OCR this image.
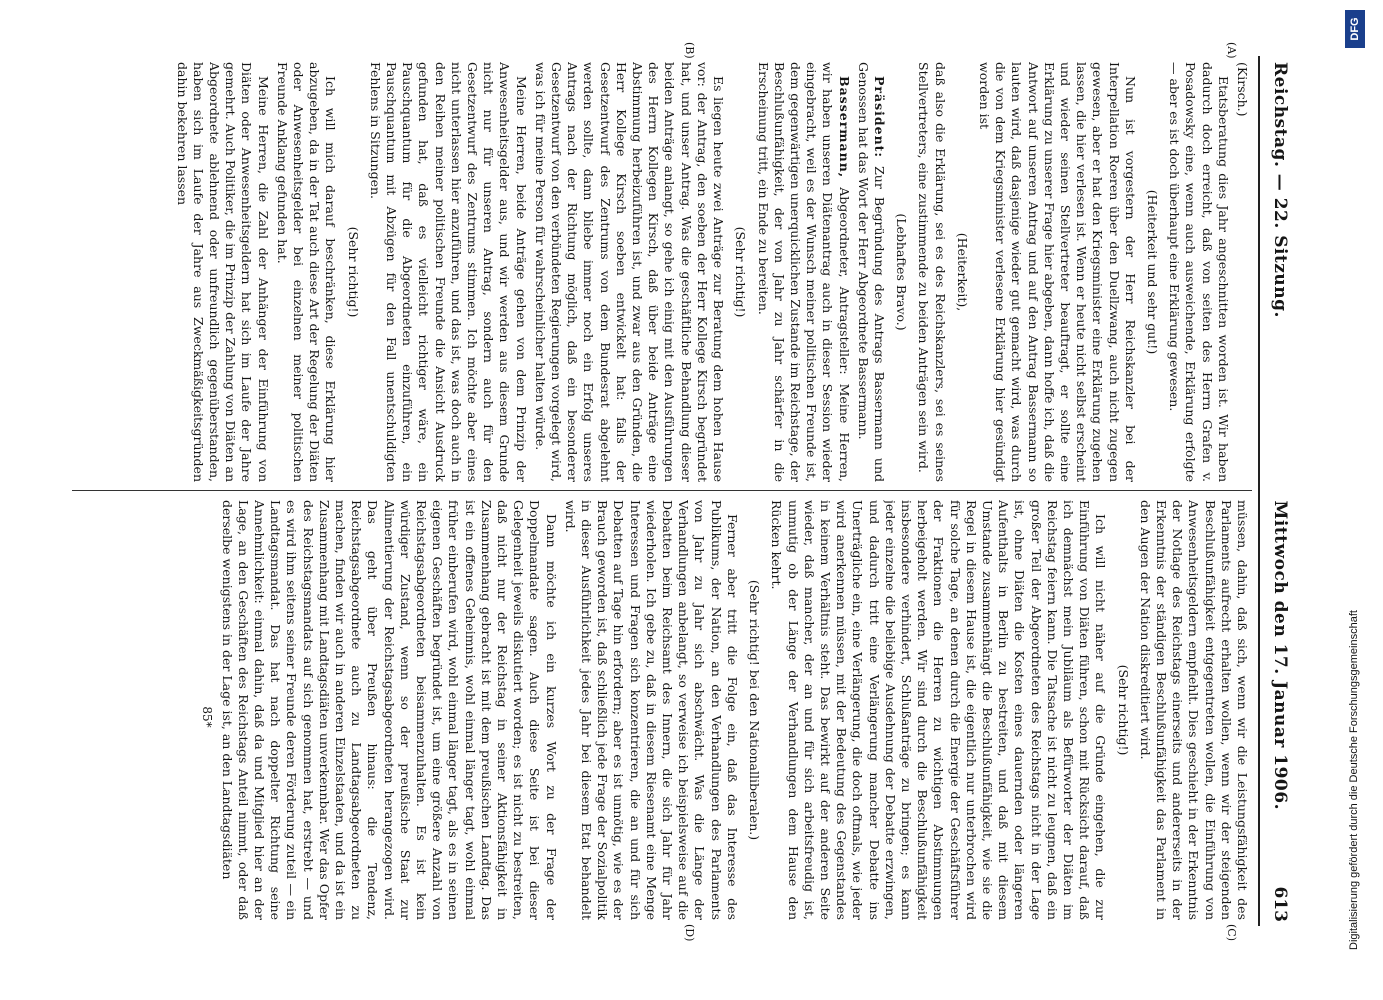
Reichstag. — 22. Sitzung.
Mittwoch den 17. Januar 1906.
613
(A)
(B)
(C)
(D)

(Kirsch.)

Etatsberatung dies Jahr angeschnitten worden ist. Wir haben dadurch doch erreicht, daß von seiten des Herrn Grafen v. Posadowsky eine, wenn auch ausweichende, Erklärung erfolgte — aber es ist doch überhaupt eine Erklärung gewesen.

(Heiterkeit und sehr gut!)

Nun ist vorgestern der Herr Reichskanzler bei der Interpellation Roeren über den Duellzwang, auch nicht zugegen gewesen, aber er hat den Kriegsminister eine Erklärung zugehen lassen, die hier verlesen ist. Wenn er heute nicht selbst erscheint und wieder seinen Stellvertreter beauftragt, er sollte eine Erklärung zu unserer Frage hier abgeben, dann hoffe ich, daß die Antwort auf unseren Antrag und auf den Antrag Bassermann so lauten wird, daß dasjenige wieder gut gemacht wird, was durch die von dem Kriegsminister verlesene Erklärung hier gesündigt worden ist

(Heiterkeit),

daß also die Erklärung, sei es des Reichskanzlers, sei es seines Stellvertreters, eine zustimmende zu beiden Anträgen sein wird.

(Lebhaftes Bravo.)

Präsident: Zur Begründung des Antrags Bassermann und Genossen hat das Wort der Herr Abgeordnete Bassermann.

Bassermann, Abgeordneter, Antragsteller: Meine Herren, wir haben unseren Diätenantrag auch in dieser Session wieder eingebracht, weil es der Wunsch meiner politischen Freunde ist, dem gegenwärtigen unerquicklichen Zustande im Reichstage, der Beschlußunfähigkeit, der von Jahr zu Jahr schärfer in die Erscheinung tritt, ein Ende zu bereiten.

(Sehr richtig!)

Es liegen heute zwei Anträge zur Beratung dem hohen Hause vor: der Antrag, den soeben der Herr Kollege Kirsch begründet hat, und unser Antrag. Was die geschäftliche Behandlung dieser beiden Anträge anlangt, so gehe ich einig mit den Ausführungen des Herrn Kollegen Kirsch, daß über beide Anträge eine Abstimmung herbeizuführen ist, und zwar aus den Gründen, die Herr Kollege Kirsch soeben entwickelt hat: falls der Gesetzentwurf des Zentrums von dem Bundesrat abgelehnt werden sollte, dann bliebe immer noch ein Erfolg unseres Antrags nach der Richtung möglich, daß ein besonderer Gesetzentwurf von den verbündeten Regierungen vorgelegt wird, was ich für meine Person für wahrscheinlicher halten würde.

Meine Herren, beide Anträge gehen von dem Prinzip der Anwesenheitsgelder aus, und wir werden aus diesem Grunde nicht nur für unseren Antrag, sondern auch für den Gesetzentwurf des Zentrums stimmen. Ich möchte aber eines nicht unterlassen hier anzuführen, und das ist, was doch auch in den Reihen meiner politischen Freunde die Ansicht Ausdruck gefunden hat, daß es vielleicht richtiger wäre, ein Pauschquantum für die Abgeordneten einzuführen, ein Pauschquantum mit Abzügen für den Fall unentschuldigten Fehlens in Sitzungen.

(Sehr richtig!)

Ich will mich darauf beschränken, diese Erklärung hier abzugeben, da in der Tat auch diese Art der Regelung der Diäten oder Anwesenheitsgelder bei einzelnen meiner politischen Freunde Anklang gefunden hat.

Meine Herren, die Zahl der Anhänger der Einführung von Diäten oder Anwesenheitsgeldern hat sich im Laufe der Jahre gemehrt. Auch Politiker, die im Prinzip der Zahlung von Diäten an Abgeordnete ablehnend oder unfreundlich gegenüberstanden, haben sich im Laufe der Jahre aus Zweckmäßigkeitsgründen dahin bekehren lassen

müssen, dahin, daß sich, wenn wir die Leistungsfähigkeit des Parlaments aufrecht erhalten wollen, wenn wir der steigenden Beschlußunfähigkeit entgegentreten wollen, die Einführung von Anwesenheitsgeldern empfiehlt. Dies geschieht in der Erkenntnis der Notlage des Reichstags einerseits und andererseits in der Erkenntnis der ständigen Beschlußunfähigkeit das Parlament in den Augen der Nation diskreditiert wird.

(Sehr richtig!)

Ich will nicht näher auf die Gründe eingehen, die zur Einführung von Diäten führen, schon mit Rücksicht darauf, daß ich demnächst mein Jubiläum als Befürworter der Diäten im Reichstag feiern kann. Die Tatsache ist nicht zu leugnen, daß ein großer Teil der Abgeordneten des Reichstags nicht in der Lage ist, ohne Diäten die Kosten eines dauernden oder längeren Aufenthalts in Berlin zu bestreiten, und daß mit diesem Umstande zusammenhängt die Beschlußunfähigkeit, wie sie die Regel in diesem Hause ist, die eigentlich nur unterbrochen wird für solche Tage, an denen durch die Energie der Geschäftsführer der Fraktionen die Herren zu wichtigen Abstimmungen herbeigeholt werden. Wir sind durch die Beschlußunfähigkeit insbesondere verhindert, Schlußanträge zu bringen; es kann jeder einzelne die beliebige Ausdehnung der Debatte erzwingen, und dadurch tritt eine Verlängerung mancher Debatte ins Unerträgliche ein, eine Verlängerung, die doch oftmals, wie jeder wird anerkennen müssen, mit der Bedeutung des Gegenstandes in keinem Verhältnis steht. Das bewirkt auf der anderen Seite wieder, daß mancher, der an und für sich arbeitsfreudig ist, unmutig ob der Länge der Verhandlungen dem Hause den Rücken kehrt.

(Sehr richtig! bei den Nationalliberalen.)

Ferner aber tritt die Folge ein, daß das Interesse des Publikums, der Nation, an den Verhandlungen des Parlaments von Jahr zu Jahr sich abschwächt. Was die Länge der Verhandlungen anbelangt, so verweise ich beispielsweise auf die Debatten beim Reichsamt des Innern, die sich Jahr für Jahr wiederholen. Ich gebe zu, daß in diesem Riesenamt eine Menge Interessen und Fragen sich konzentrieren, die an und für sich Debatten auf Tage hin erfordern; aber es ist unnötig, wie es der Brauch geworden ist, daß schließlich jede Frage der Sozialpolitik in dieser Ausführlichkeit jedes Jahr bei diesem Etat behandelt wird.

Dann möchte ich ein kurzes Wort zu der Frage der Doppelmandate sagen. Auch diese Seite ist bei dieser Gelegenheit jeweils diskutiert worden; es ist nicht zu bestreiten, daß nicht nur der Reichstag in seiner Aktionsfähigkeit in Zusammenhang gebracht ist mit dem preußischen Landtag. Das ist ein offenes Geheimnis, wohl einmal länger tagt, wohl einmal früher einberufen wird, wohl einmal länger tagt, als es in seinen eigenen Geschäften begründet ist, um eine größere Anzahl von Reichstagsabgeordneten beisammenzuhalten. Es ist kein würdiger Zustand, wenn so der preußische Staat zur Alimentierung der Reichstagsabgeordneten herangezogen wird. Das geht über Preußen hinaus: die Tendenz, Reichstagsabgeordnete auch zu Landtagsabgeordneten zu machen, finden wir auch in anderen Einzelstaaten, und da ist ein Zusammenhang mit Landtagsdiäten unverkennbar. Wer das Opfer des Reichstagsmandats auf sich genommen hat, erstrebt — und es wird ihm seitens seiner Freunde deren Förderung zuteil — ein Landtagsmandat. Das hat nach doppelter Richtung seine Annehmlichkeit: einmal dahin, daß da und Mitglied hier an der Lage, an den Geschäften des Reichstags Anteil nimmt, oder daß derselbe wenigstens in der Lage ist, an den Landtagsdiäten

85*	Digitalisierung gefördert durch die Deutsche Forschungsgemeinschaft
DFG
